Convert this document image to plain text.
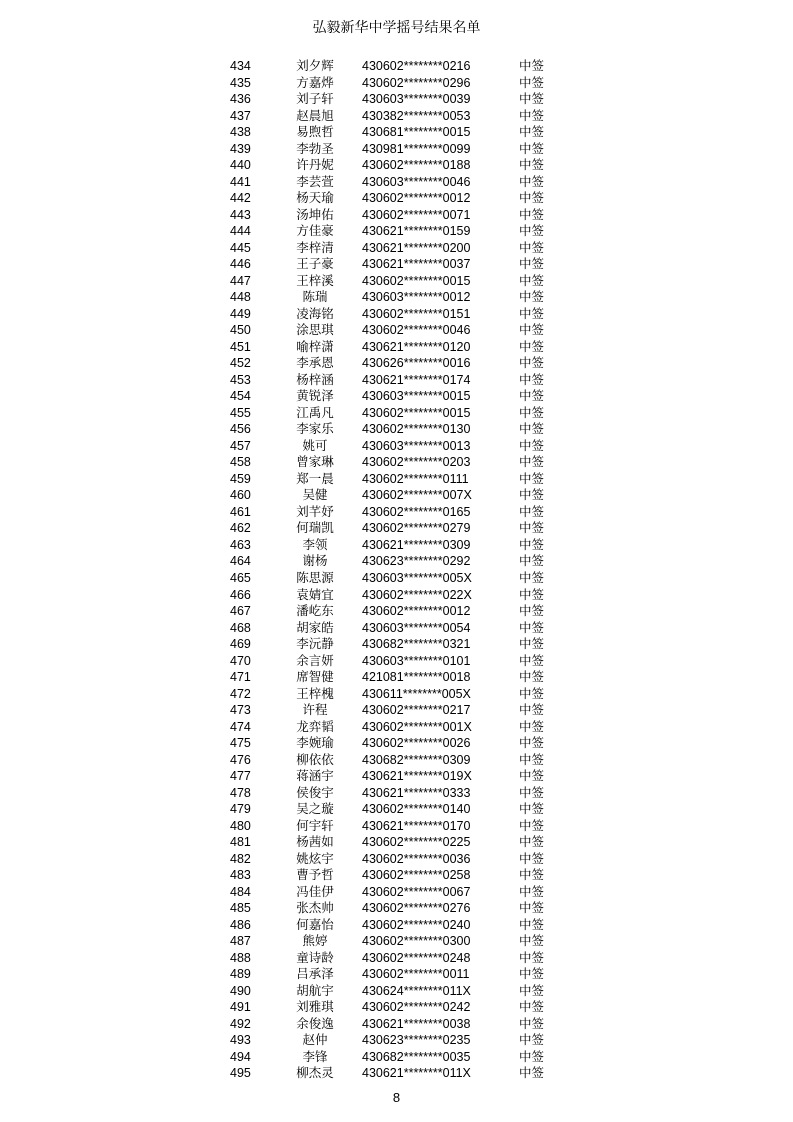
弘毅新华中学摇号结果名单
434	刘夕辉	430602********0216	中签
435	方嘉烨	430602********0296	中签
436	刘子轩	430603********0039	中签
437	赵晨旭	430382********0053	中签
438	易煦哲	430681********0015	中签
439	李勃圣	430981********0099	中签
440	许丹妮	430602********0188	中签
441	李芸萱	430603********0046	中签
442	杨天瑜	430602********0012	中签
443	汤坤佑	430602********0071	中签
444	方佳豪	430621********0159	中签
445	李梓清	430621********0200	中签
446	王子豪	430621********0037	中签
447	王梓溪	430602********0015	中签
448	陈瑞	430603********0012	中签
449	凌海铭	430602********0151	中签
450	涂思琪	430602********0046	中签
451	喻梓潇	430621********0120	中签
452	李承恩	430626********0016	中签
453	杨梓涵	430621********0174	中签
454	黄锐泽	430603********0015	中签
455	江禹凡	430602********0015	中签
456	李家乐	430602********0130	中签
457	姚可	430603********0013	中签
458	曾家琳	430602********0203	中签
459	郑一晨	430602********0111	中签
460	吴健	430602********007X	中签
461	刘芊妤	430602********0165	中签
462	何瑞凯	430602********0279	中签
463	李领	430621********0309	中签
464	谢杨	430623********0292	中签
465	陈思源	430603********005X	中签
466	袁婧宜	430602********022X	中签
467	潘屹东	430602********0012	中签
468	胡家皓	430603********0054	中签
469	李沅静	430682********0321	中签
470	余言妍	430603********0101	中签
471	席智健	421081********0018	中签
472	王梓槐	430611********005X	中签
473	许程	430602********0217	中签
474	龙弈韬	430602********001X	中签
475	李婉瑜	430602********0026	中签
476	柳依依	430682********0309	中签
477	蒋涵宇	430621********019X	中签
478	侯俊宇	430621********0333	中签
479	吴之璇	430602********0140	中签
480	何宇轩	430621********0170	中签
481	杨茜如	430602********0225	中签
482	姚炫宇	430602********0036	中签
483	曹予哲	430602********0258	中签
484	冯佳伊	430602********0067	中签
485	张杰帅	430602********0276	中签
486	何嘉怡	430602********0240	中签
487	熊婷	430602********0300	中签
488	童诗龄	430602********0248	中签
489	吕承泽	430602********0011	中签
490	胡航宇	430624********011X	中签
491	刘雅琪	430602********0242	中签
492	余俊逸	430621********0038	中签
493	赵仲	430623********0235	中签
494	李锋	430682********0035	中签
495	柳杰灵	430621********011X	中签
8
